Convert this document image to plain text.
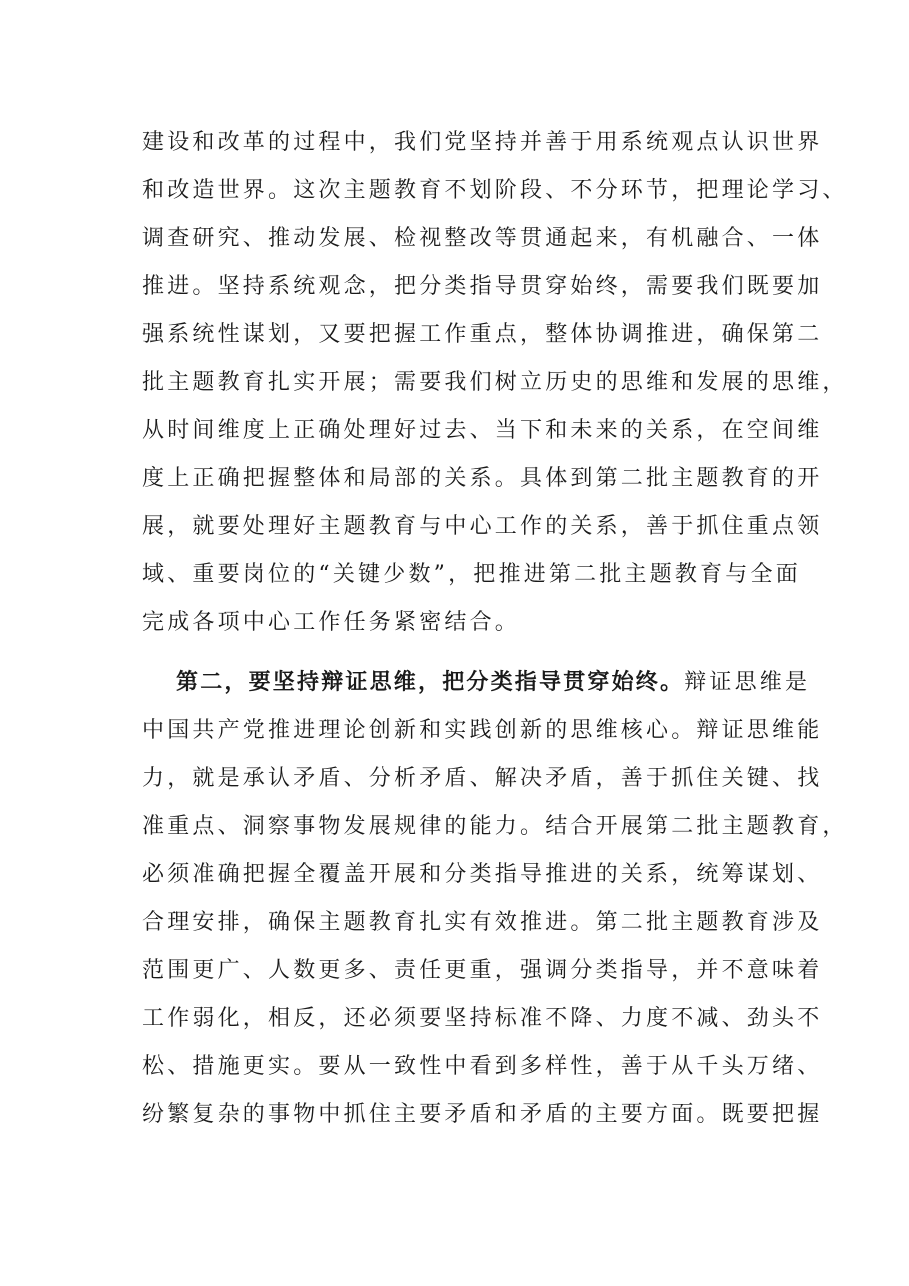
建设和改革的过程中，我们党坚持并善于用系统观点认识世界
和改造世界。这次主题教育不划阶段、不分环节，把理论学习、
调查研究、推动发展、检视整改等贯通起来，有机融合、一体
推进。坚持系统观念，把分类指导贯穿始终，需要我们既要加
强系统性谋划，又要把握工作重点，整体协调推进，确保第二
批主题教育扎实开展；需要我们树立历史的思维和发展的思维，
从时间维度上正确处理好过去、当下和未来的关系，在空间维
度上正确把握整体和局部的关系。具体到第二批主题教育的开
展，就要处理好主题教育与中心工作的关系，善于抓住重点领
域、重要岗位的“关键少数”，把推进第二批主题教育与全面
完成各项中心工作任务紧密结合。
第二，要坚持辩证思维，把分类指导贯穿始终。辩证思维是
中国共产党推进理论创新和实践创新的思维核心。辩证思维能
力，就是承认矛盾、分析矛盾、解决矛盾，善于抓住关键、找
准重点、洞察事物发展规律的能力。结合开展第二批主题教育，
必须准确把握全覆盖开展和分类指导推进的关系，统筹谋划、
合理安排，确保主题教育扎实有效推进。第二批主题教育涉及
范围更广、人数更多、责任更重，强调分类指导，并不意味着
工作弱化，相反，还必须要坚持标准不降、力度不减、劲头不
松、措施更实。要从一致性中看到多样性，善于从千头万绪、
纷繁复杂的事物中抓住主要矛盾和矛盾的主要方面。既要把握
